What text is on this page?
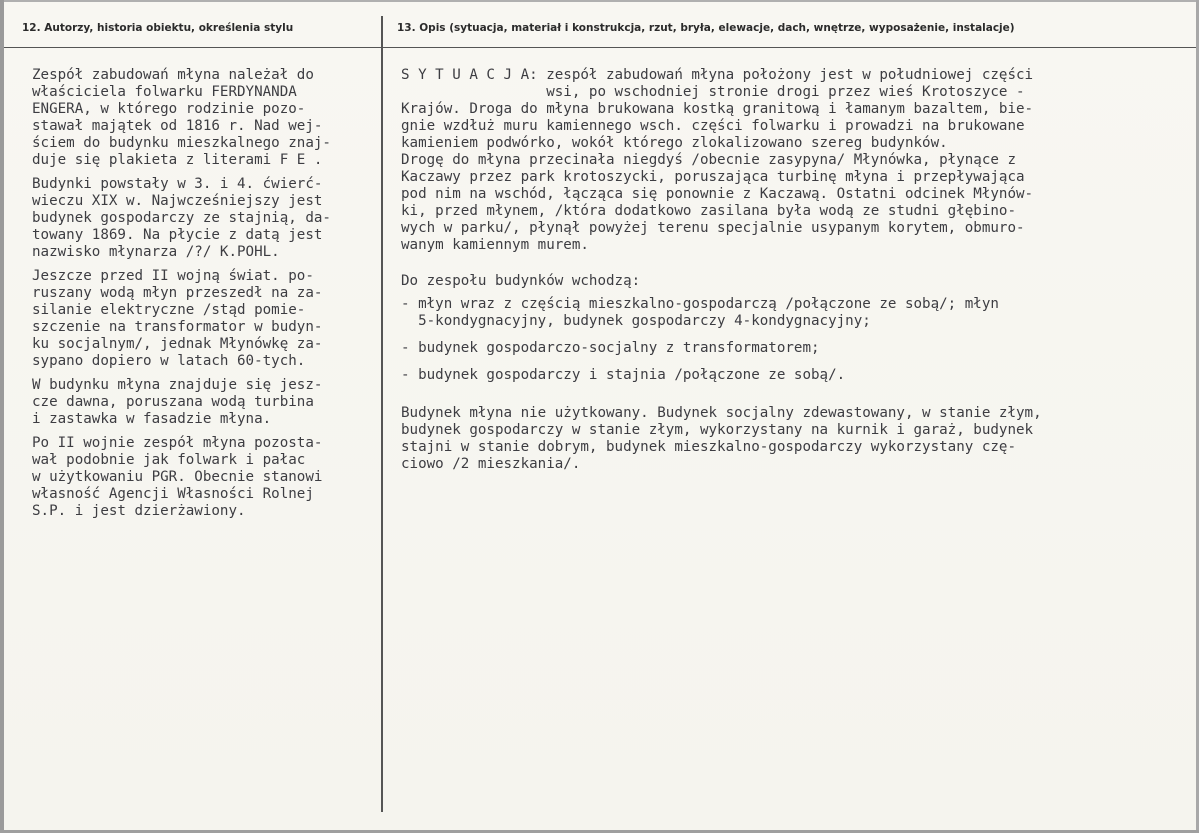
12. Autorzy, historia obiektu, określenia stylu	13. Opis (sytuacja, materiał i konstrukcja, rzut, bryła, elewacje, dach, wnętrze, wyposażenie, instalacje)
Zespół zabudowań młyna należał do
właściciela folwarku FERDYNANDA
ENGERA, w którego rodzinie pozo-
stawał majątek od 1816 r. Nad wej-
ściem do budynku mieszkalnego znaj-
duje się plakieta z literami F E .
Budynki powstały w 3. i 4. ćwierć-
wieczu XIX w. Najwcześniejszy jest
budynek gospodarczy ze stajnią, da-
towany 1869. Na płycie z datą jest
nazwisko młynarza /?/ K.POHL.
Jeszcze przed II wojną świat. po-
ruszany wodą młyn przeszedł na za-
silanie elektryczne /stąd pomie-
szczenie na transformator w budyn-
ku socjalnym/, jednak Młynówkę za-
sypano dopiero w latach 60-tych.
W budynku młyna znajduje się jesz-
cze dawna, poruszana wodą turbina
i zastawka w fasadzie młyna.
Po II wojnie zespół młyna pozosta-
wał podobnie jak folwark i pałac
w użytkowaniu PGR. Obecnie stanowi
własność Agencji Własności Rolnej
S.P. i jest dzierżawiony.
S Y T U A C J A: zespół zabudowań młyna położony jest w południowej części
wsi, po wschodniej stronie drogi przez wieś Krotoszyce -
Krajów. Droga do młyna brukowana kostką granitową i łamanym bazaltem, bie-
gnie wzdłuż muru kamiennego wsch. części folwarku i prowadzi na brukowane
kamieniem podwórko, wokół którego zlokalizowano szereg budynków.
Drogę do młyna przecinała niegdyś /obecnie zasypyna/ Młynówka, płynące z
Kaczawy przez park krotoszycki, poruszająca turbinę młyna i przepływająca
pod nim na wschód, łącząca się ponownie z Kaczawą. Ostatni odcinek Młynów-
ki, przed młynem, /która dodatkowo zasilana była wodą ze studni głębino-
wych w parku/, płynął powyżej terenu specjalnie usypanym korytem, obmuro-
wanym kamiennym murem.
Do zespołu budynków wchodzą:
- młyn wraz z częścią mieszkalno-gospodarczą /połączone ze sobą/; młyn
5-kondygnacyjny, budynek gospodarczy 4-kondygnacyjny;
- budynek gospodarczo-socjalny z transformatorem;
- budynek gospodarczy i stajnia /połączone ze sobą/.
Budynek młyna nie użytkowany. Budynek socjalny zdewastowany, w stanie złym,
budynek gospodarczy w stanie złym, wykorzystany na kurnik i garaż, budynek
stajni w stanie dobrym, budynek mieszkalno-gospodarczy wykorzystany czę-
ciowo /2 mieszkania/.
